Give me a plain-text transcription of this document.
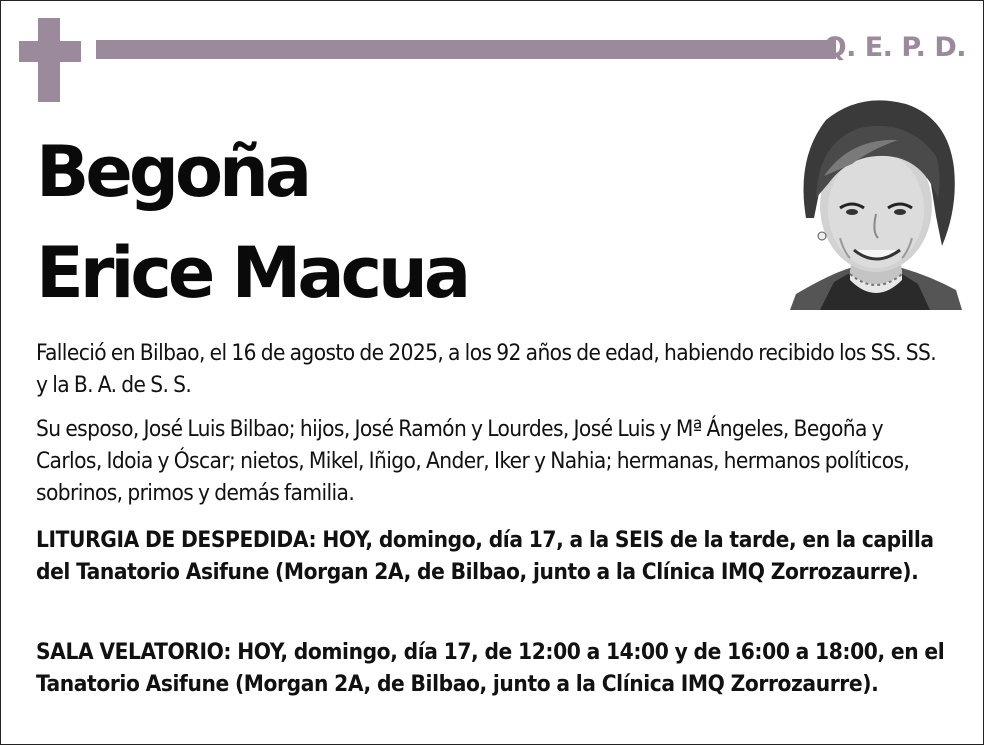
Q. E. P. D.
Begoña
Erice Macua
Falleció en Bilbao, el 16 de agosto de 2025, a los 92 años de edad, habiendo recibido los SS. SS. y la B. A. de S. S.
Su esposo, José Luis Bilbao; hijos, José Ramón y Lourdes, José Luis y Mª Ángeles, Begoña y Carlos, Idoia y Óscar; nietos, Mikel, Iñigo, Ander, Iker y Nahia; hermanas, hermanos políticos, sobrinos, primos y demás familia.
LITURGIA DE DESPEDIDA: HOY, domingo, día 17, a la SEIS de la tarde, en la capilla del Tanatorio Asifune (Morgan 2A, de Bilbao, junto a la Clínica IMQ Zorrozaurre).
SALA VELATORIO: HOY, domingo, día 17, de 12:00 a 14:00 y de 16:00 a 18:00, en el Tanatorio Asifune (Morgan 2A, de Bilbao, junto a la Clínica IMQ Zorrozaurre).
